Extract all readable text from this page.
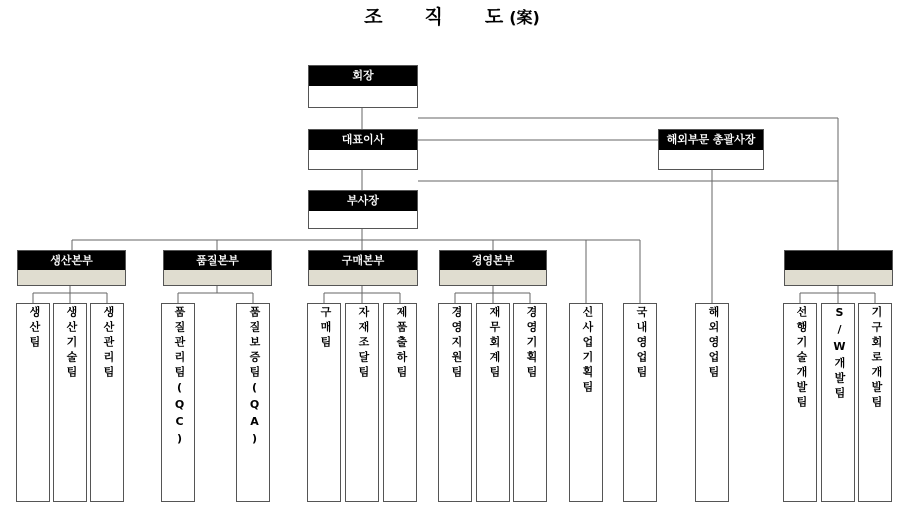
조 직 도 (案)
회장
대표이사	해외부문 총괄사장
부사장
생산본부	품질본부	구매본부	경영본부
생산팀	생산기술팀	생산관리팀	품질관리팀(QC)	품질보증팀(QA)	구매팀	자재조달팀	제품출하팀	경영지원팀	재무회계팀	경영기획팀	신사업기획팀	국내영업팀	해외영업팀	선행기술개발팀	S/W개발팀	기구회로개발팀
